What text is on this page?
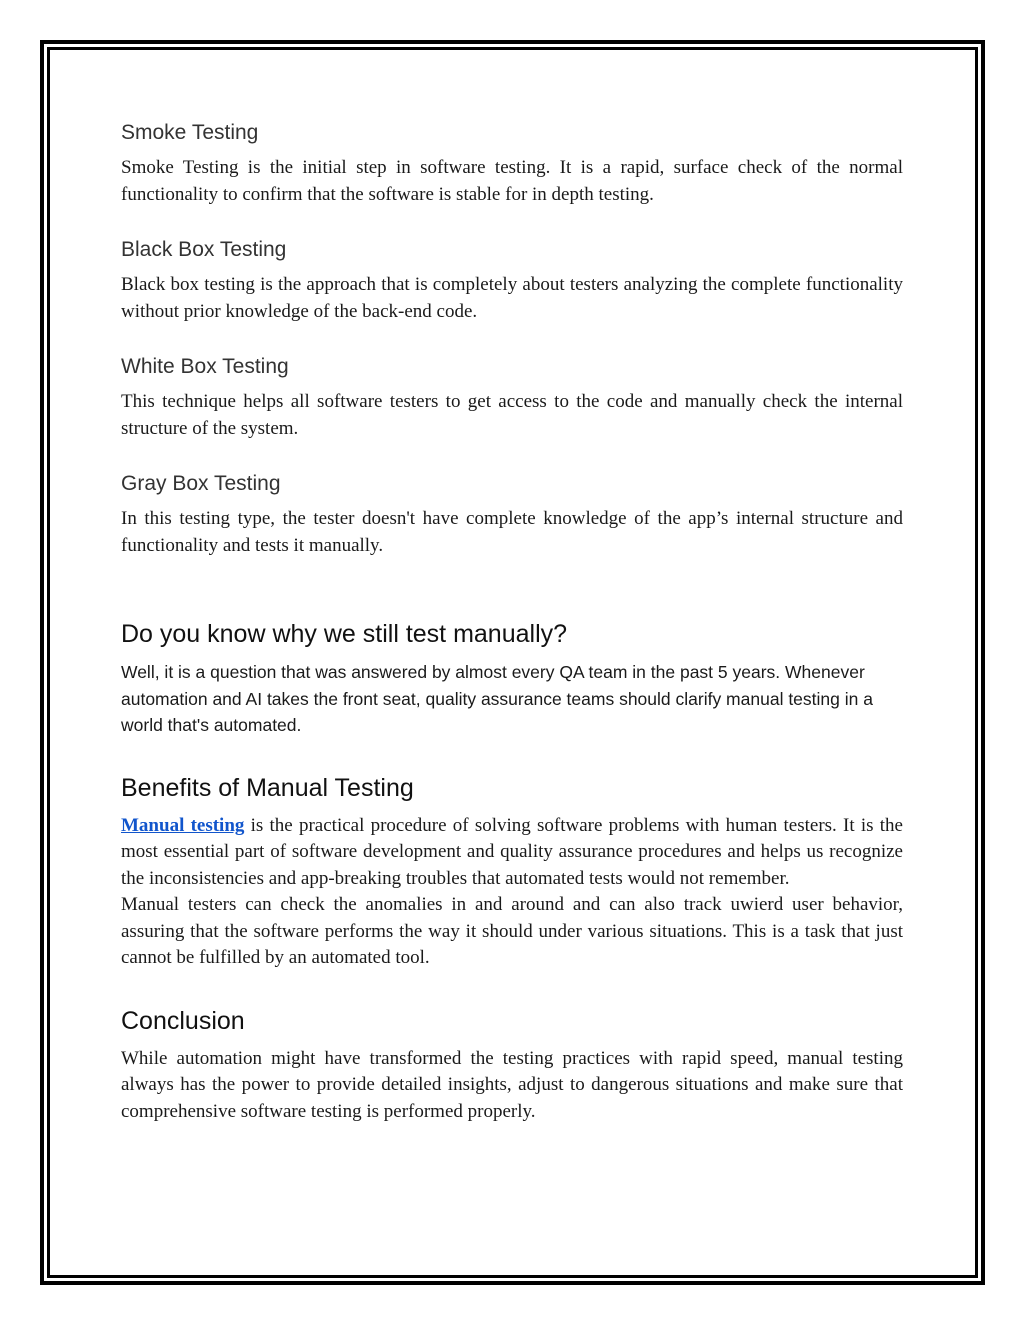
Smoke Testing

Smoke Testing is the initial step in software testing. It is a rapid, surface check of the normal functionality to confirm that the software is stable for in depth testing.

Black Box Testing

Black box testing is the approach that is completely about testers analyzing the complete functionality without prior knowledge of the back-end code.

White Box Testing

This technique helps all software testers to get access to the code and manually check the internal structure of the system.

Gray Box Testing

In this testing type, the tester doesn't have complete knowledge of the app’s internal structure and functionality and tests it manually.

Do you know why we still test manually?

Well, it is a question that was answered by almost every QA team in the past 5 years. Whenever automation and AI takes the front seat, quality assurance teams should clarify manual testing in a world that's automated.

Benefits of Manual Testing

Manual testing is the practical procedure of solving software problems with human testers. It is the most essential part of software development and quality assurance procedures and helps us recognize the inconsistencies and app-breaking troubles that automated tests would not remember.

Manual testers can check the anomalies in and around and can also track uwierd user behavior, assuring that the software performs the way it should under various situations. This is a task that just cannot be fulfilled by an automated tool.

Conclusion

While automation might have transformed the testing practices with rapid speed, manual testing always has the power to provide detailed insights, adjust to dangerous situations and make sure that comprehensive software testing is performed properly.
